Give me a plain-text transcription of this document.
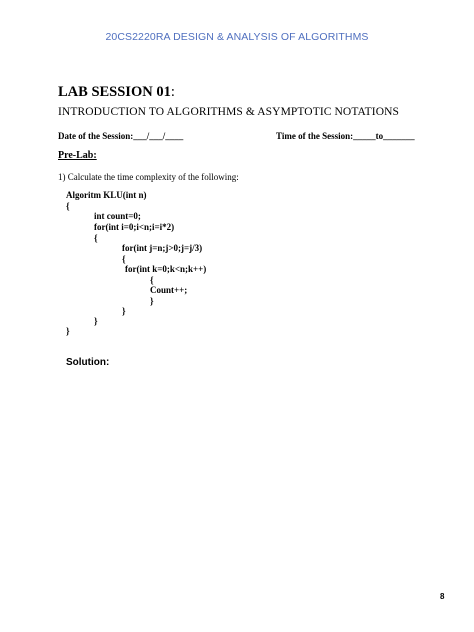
20CS2220RA DESIGN & ANALYSIS OF ALGORITHMS
LAB SESSION 01:
INTRODUCTION TO ALGORITHMS & ASYMPTOTIC NOTATIONS
Date of the Session:___/___/____	Time of the Session:_____to_______
Pre-Lab:
1) Calculate the time complexity of the following:
Algoritm KLU(int n)
{
int count=0;
for(int i=0;i<n;i=i*2)
{
for(int j=n;j>0;j=j/3)
{
for(int k=0;k<n;k++)
{
Count++;
}
}
}
}
Solution:
8
